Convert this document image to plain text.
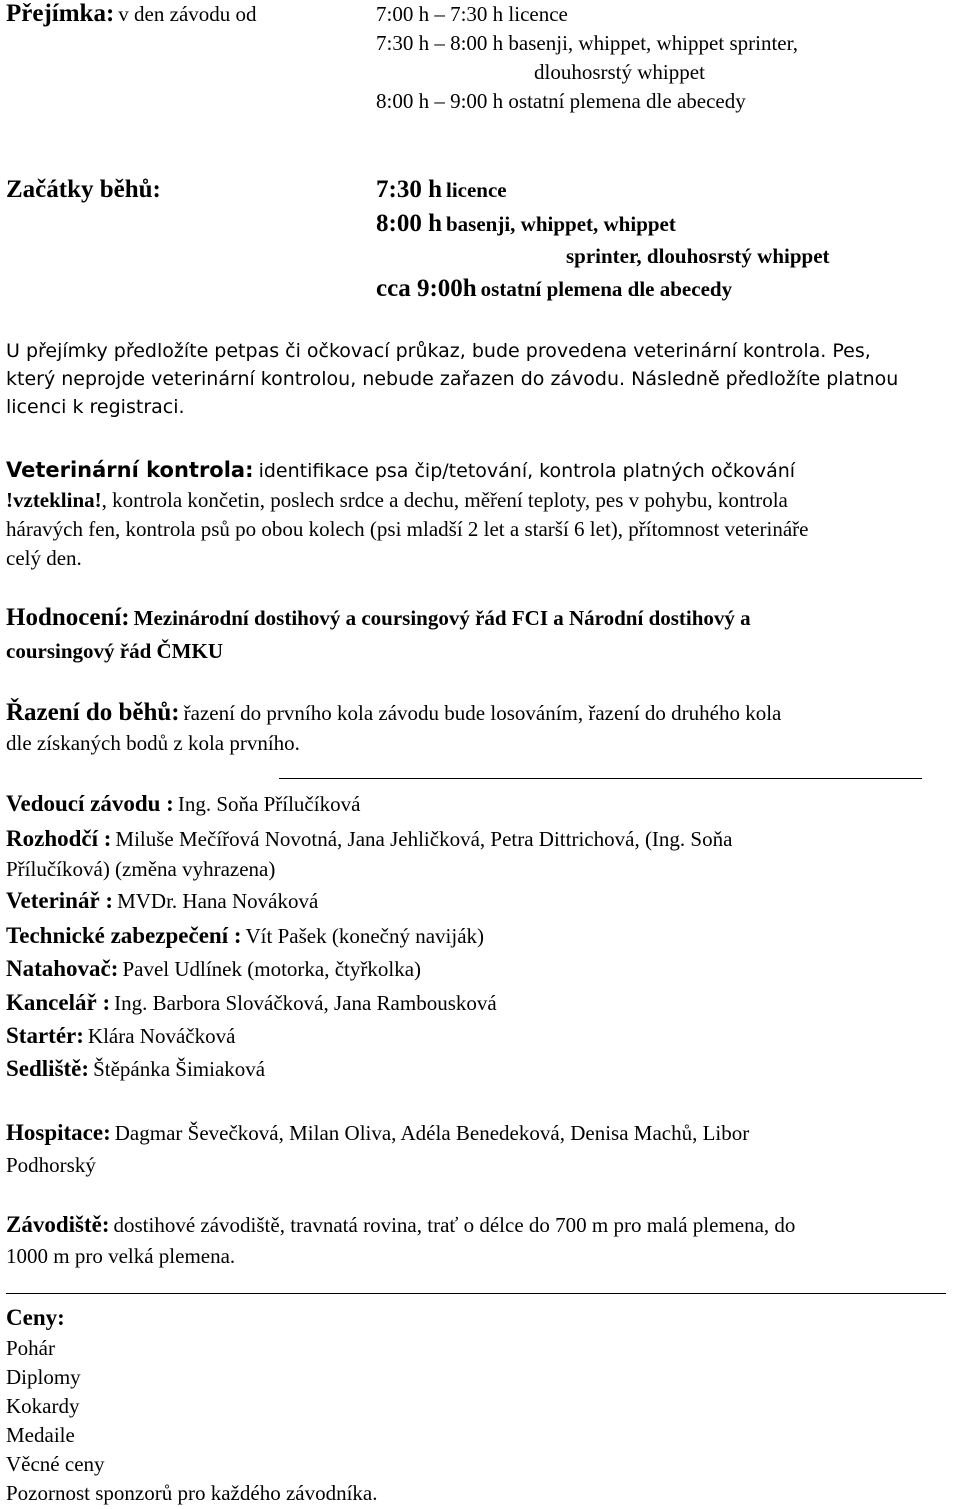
Přejímka: v den závodu od	7:00 h – 7:30 h licence
7:30 h – 8:00 h basenji, whippet, whippet sprinter,
dlouhosrstý whippet
8:00 h – 9:00 h ostatní plemena dle abecedy
Začátky běhů:	7:30 h licence
8:00 h basenji, whippet, whippet
sprinter, dlouhosrstý whippet
cca 9:00h ostatní plemena dle abecedy
U přejímky předložíte petpas či očkovací průkaz, bude provedena veterinární kontrola. Pes,
který neprojde veterinární kontrolou, nebude zařazen do závodu. Následně předložíte platnou
licenci k registraci.
Veterinární kontrola: identifikace psa čip/tetování, kontrola platných očkování
!vzteklina!, kontrola končetin, poslech srdce a dechu, měření teploty, pes v pohybu, kontrola
háravých fen, kontrola psů po obou kolech (psi mladší 2 let a starší 6 let), přítomnost veterináře
celý den.
Hodnocení: Mezinárodní dostihový a coursingový řád FCI a Národní dostihový a
coursingový řád ČMKU
Řazení do běhů: řazení do prvního kola závodu bude losováním, řazení do druhého kola
dle získaných bodů z kola prvního.
Vedoucí závodu : Ing. Soňa Přílučíková
Rozhodčí : Miluše Mečířová Novotná, Jana Jehličková, Petra Dittrichová, (Ing. Soňa
Přílučíková) (změna vyhrazena)
Veterinář : MVDr. Hana Nováková
Technické zabezpečení : Vít Pašek (konečný naviják)
Natahovač: Pavel Udlínek (motorka, čtyřkolka)
Kancelář : Ing. Barbora Slováčková, Jana Rambousková
Startér: Klára Nováčková
Sedliště: Štěpánka Šimiaková
Hospitace: Dagmar Ševečková, Milan Oliva, Adéla Benedeková, Denisa Machů, Libor
Podhorský
Závodiště: dostihové závodiště, travnatá rovina, trať o délce do 700 m pro malá plemena, do
1000 m pro velká plemena.
Ceny:
Pohár
Diplomy
Kokardy
Medaile
Věcné ceny
Pozornost sponzorů pro každého závodníka.
